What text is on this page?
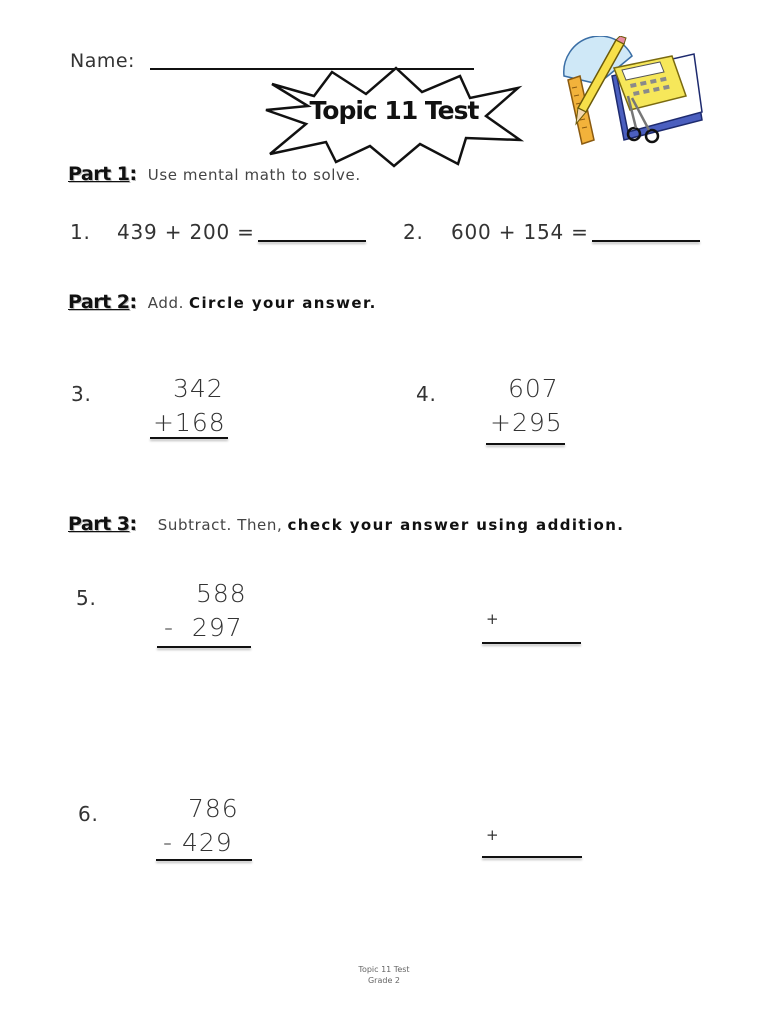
Name:
Topic 11 Test
Part 1: Use mental math to solve.
1. 439 + 200 =	2. 600 + 154 =
Part 2: Add. Circle your answer.
3.	342
+168
4.	607
+295
Part 3: Subtract. Then, check your answer using addition.
5.	588
-  297	+
6.	786
- 429	+
Topic 11 Test
Grade 2
